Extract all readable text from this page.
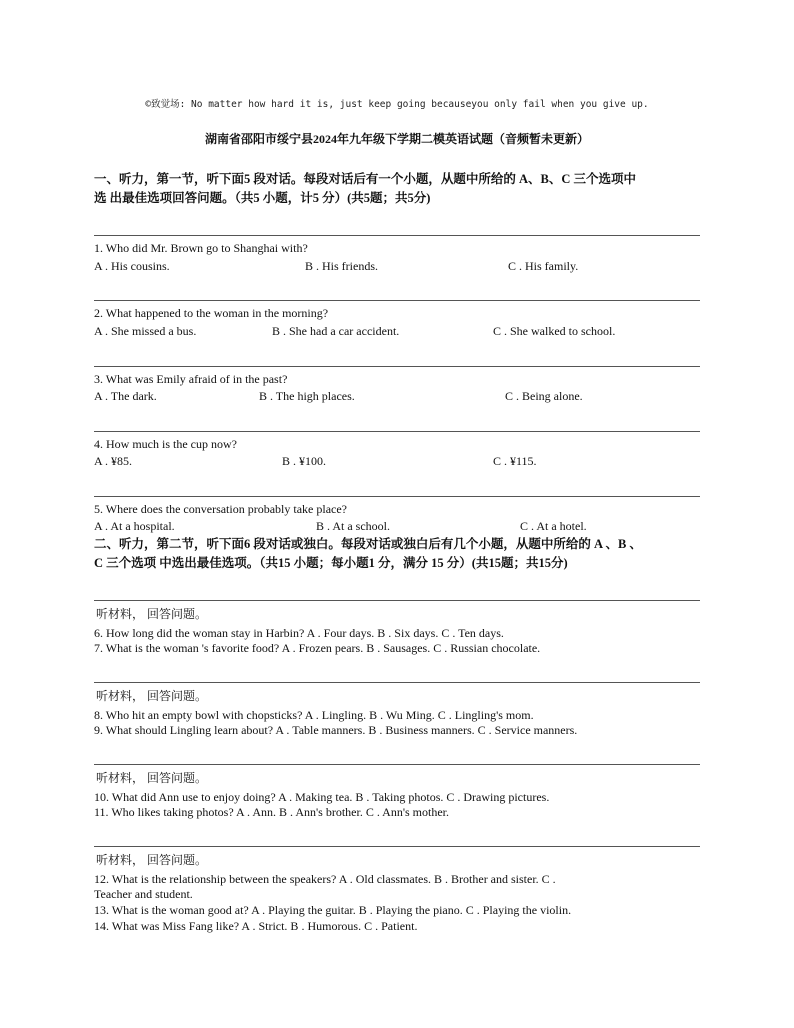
©致觉场: No matter how hard it is, just keep going becauseyou only fail when you give up.
湖南省邵阳市绥宁县2024年九年级下学期二模英语试题（音频暂未更新）
一、听力，第一节，听下面5 段对话。每段对话后有一个小题，从题中所给的 A、B、C 三个选项中
选 出最佳选项回答问题。（共5 小题，计5 分）(共5题；共5分)
1. Who did Mr. Brown go to Shanghai with?
A . His cousins.	B . His friends.	C . His family.
2. What happened to the woman in the morning?
A . She missed a bus.	B . She had a car accident.	C . She walked to school.
3. What was Emily afraid of in the past?
A . The dark.	B . The high places.	C . Being alone.
4. How much is the cup now?
A . ¥85.	B . ¥100.	C . ¥115.
5. Where does the conversation probably take place?
A . At a hospital.	B . At a school.	C . At a hotel.
二、听力，第二节，听下面6 段对话或独白。每段对话或独白后有几个小题，从题中所给的 A 、B 、
C 三个选项 中选出最佳选项。（共15 小题；每小题1 分，满分 15 分）(共15题；共15分)
听材料， 回答问题。
6. How long did the woman stay in Harbin? A . Four days. B . Six days. C . Ten days.
7. What is the woman 's favorite food? A . Frozen pears. B . Sausages. C . Russian chocolate.
听材料， 回答问题。
8. Who hit an empty bowl with chopsticks? A . Lingling. B . Wu Ming. C . Lingling's mom.
9. What should Lingling learn about? A . Table manners. B . Business manners. C . Service manners.
听材料， 回答问题。
10. What did Ann use to enjoy doing? A . Making tea. B . Taking photos. C . Drawing pictures.
11. Who likes taking photos? A . Ann. B . Ann's brother. C . Ann's mother.
听材料， 回答问题。
12. What is the relationship between the speakers? A . Old classmates. B . Brother and sister. C .
Teacher and student.
13. What is the woman good at? A . Playing the guitar. B . Playing the piano. C . Playing the violin.
14. What was Miss Fang like? A . Strict. B . Humorous. C . Patient.
